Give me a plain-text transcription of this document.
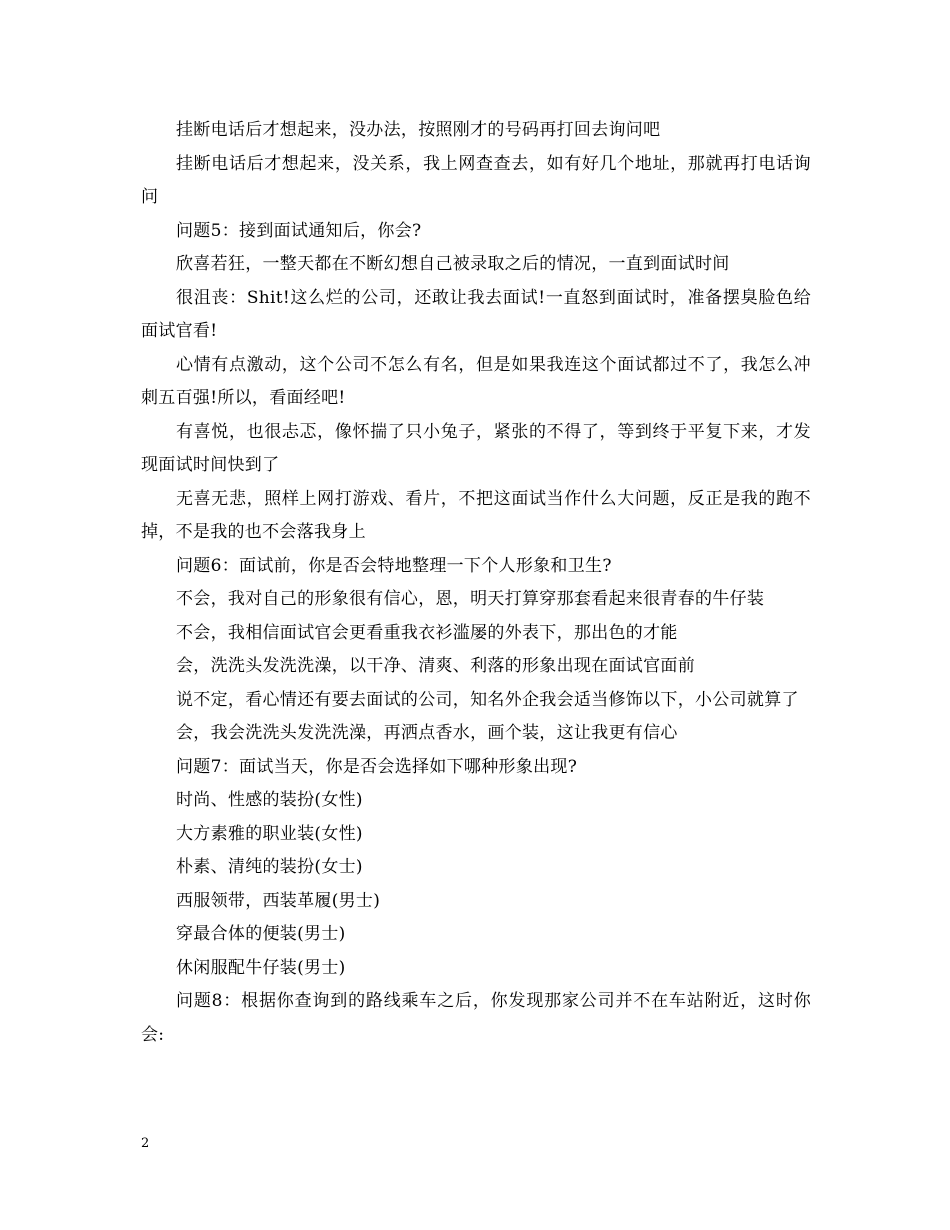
挂断电话后才想起来，没办法，按照刚才的号码再打回去询问吧

挂断电话后才想起来，没关系，我上网查查去，如有好几个地址，那就再打电话询问

问题5：接到面试通知后，你会?

欣喜若狂，一整天都在不断幻想自己被录取之后的情况，一直到面试时间

很沮丧：Shit!这么烂的公司，还敢让我去面试!一直怒到面试时，准备摆臭脸色给面试官看!

心情有点激动，这个公司不怎么有名，但是如果我连这个面试都过不了，我怎么冲刺五百强!所以，看面经吧!

有喜悦，也很忐忑，像怀揣了只小兔子，紧张的不得了，等到终于平复下来，才发现面试时间快到了

无喜无悲，照样上网打游戏、看片，不把这面试当作什么大问题，反正是我的跑不掉，不是我的也不会落我身上

问题6：面试前，你是否会特地整理一下个人形象和卫生?

不会，我对自己的形象很有信心，恩，明天打算穿那套看起来很青春的牛仔装

不会，我相信面试官会更看重我衣衫滥屡的外表下，那出色的才能

会，洗洗头发洗洗澡，以干净、清爽、利落的形象出现在面试官面前

说不定，看心情还有要去面试的公司，知名外企我会适当修饰以下，小公司就算了

会，我会洗洗头发洗洗澡，再洒点香水，画个装，这让我更有信心

问题7：面试当天，你是否会选择如下哪种形象出现?

时尚、性感的装扮(女性)

大方素雅的职业装(女性)

朴素、清纯的装扮(女士)

西服领带，西装革履(男士)

穿最合体的便装(男士)

休闲服配牛仔装(男士)

问题8：根据你查询到的路线乘车之后，你发现那家公司并不在车站附近，这时你会:

2
